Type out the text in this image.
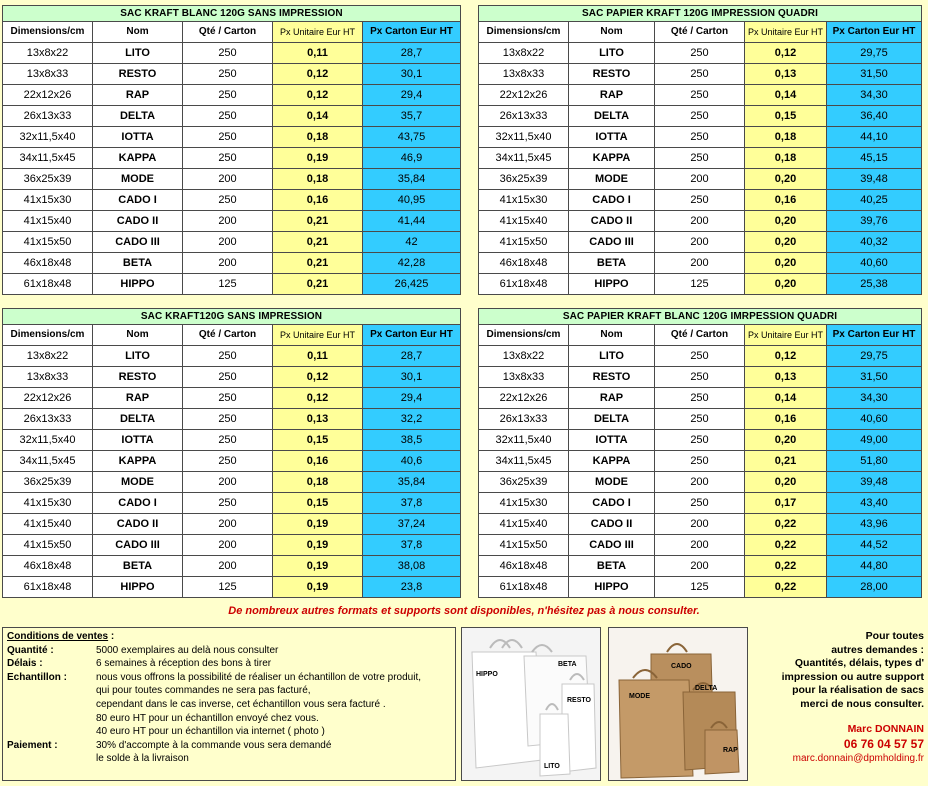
SAC KRAFT BLANC 120G SANS IMPRESSION				
Dimensions/cm	Nom	Qté / Carton	Px Unitaire Eur HT	Px Carton Eur HT
13x8x22	LITO	250	0,11	28,7
13x8x33	RESTO	250	0,12	30,1
22x12x26	RAP	250	0,12	29,4
26x13x33	DELTA	250	0,14	35,7
32x11,5x40	IOTTA	250	0,18	43,75
34x11,5x45	KAPPA	250	0,19	46,9
36x25x39	MODE	200	0,18	35,84
41x15x30	CADO I	250	0,16	40,95
41x15x40	CADO II	200	0,21	41,44
41x15x50	CADO III	200	0,21	42
46x18x48	BETA	200	0,21	42,28
61x18x48	HIPPO	125	0,21	26,425
SAC PAPIER KRAFT 120G IMPRESSION QUADRI				
Dimensions/cm	Nom	Qté / Carton	Px Unitaire Eur HT	Px Carton Eur HT
13x8x22	LITO	250	0,12	29,75
13x8x33	RESTO	250	0,13	31,50
22x12x26	RAP	250	0,14	34,30
26x13x33	DELTA	250	0,15	36,40
32x11,5x40	IOTTA	250	0,18	44,10
34x11,5x45	KAPPA	250	0,18	45,15
36x25x39	MODE	200	0,20	39,48
41x15x30	CADO I	250	0,16	40,25
41x15x40	CADO II	200	0,20	39,76
41x15x50	CADO III	200	0,20	40,32
46x18x48	BETA	200	0,20	40,60
61x18x48	HIPPO	125	0,20	25,38
SAC KRAFT120G SANS IMPRESSION				
Dimensions/cm	Nom	Qté / Carton	Px Unitaire Eur HT	Px Carton Eur HT
13x8x22	LITO	250	0,11	28,7
13x8x33	RESTO	250	0,12	30,1
22x12x26	RAP	250	0,12	29,4
26x13x33	DELTA	250	0,13	32,2
32x11,5x40	IOTTA	250	0,15	38,5
34x11,5x45	KAPPA	250	0,16	40,6
36x25x39	MODE	200	0,18	35,84
41x15x30	CADO I	250	0,15	37,8
41x15x40	CADO II	200	0,19	37,24
41x15x50	CADO III	200	0,19	37,8
46x18x48	BETA	200	0,19	38,08
61x18x48	HIPPO	125	0,19	23,8
SAC PAPIER KRAFT BLANC 120G IMRPESSION QUADRI				
Dimensions/cm	Nom	Qté / Carton	Px Unitaire Eur HT	Px Carton Eur HT
13x8x22	LITO	250	0,12	29,75
13x8x33	RESTO	250	0,13	31,50
22x12x26	RAP	250	0,14	34,30
26x13x33	DELTA	250	0,16	40,60
32x11,5x40	IOTTA	250	0,20	49,00
34x11,5x45	KAPPA	250	0,21	51,80
36x25x39	MODE	200	0,20	39,48
41x15x30	CADO I	250	0,17	43,40
41x15x40	CADO II	200	0,22	43,96
41x15x50	CADO III	200	0,22	44,52
46x18x48	BETA	200	0,22	44,80
61x18x48	HIPPO	125	0,22	28,00
De nombreux autres formats et supports sont disponibles, n'hésitez pas à nous consulter.
Conditions de ventes :
Quantité :	5000 exemplaires au delà nous consulter
Délais :	6 semaines à réception des bons à tirer
Echantillon :	nous vous offrons la possibilité de réaliser un échantillon de votre produit,
qui pour toutes commandes ne sera pas facturé,
cependant dans le cas inverse, cet échantillon vous sera facturé .
80 euro HT pour un échantillon envoyé chez vous.
40 euro HT pour un échantillon via internet ( photo )
Paiement :	30% d'accompte à la commande vous sera demandé
le solde à la livraison
HIPPO
BETA
RESTO
LITO
CADO
MODE
DELTA
RAP
Pour toutes
autres demandes :
Quantités, délais, types d'
impression ou autre support
pour la réalisation de sacs
merci de nous consulter.
Marc DONNAIN
06 76 04 57 57
marc.donnain@dpmholding.fr
